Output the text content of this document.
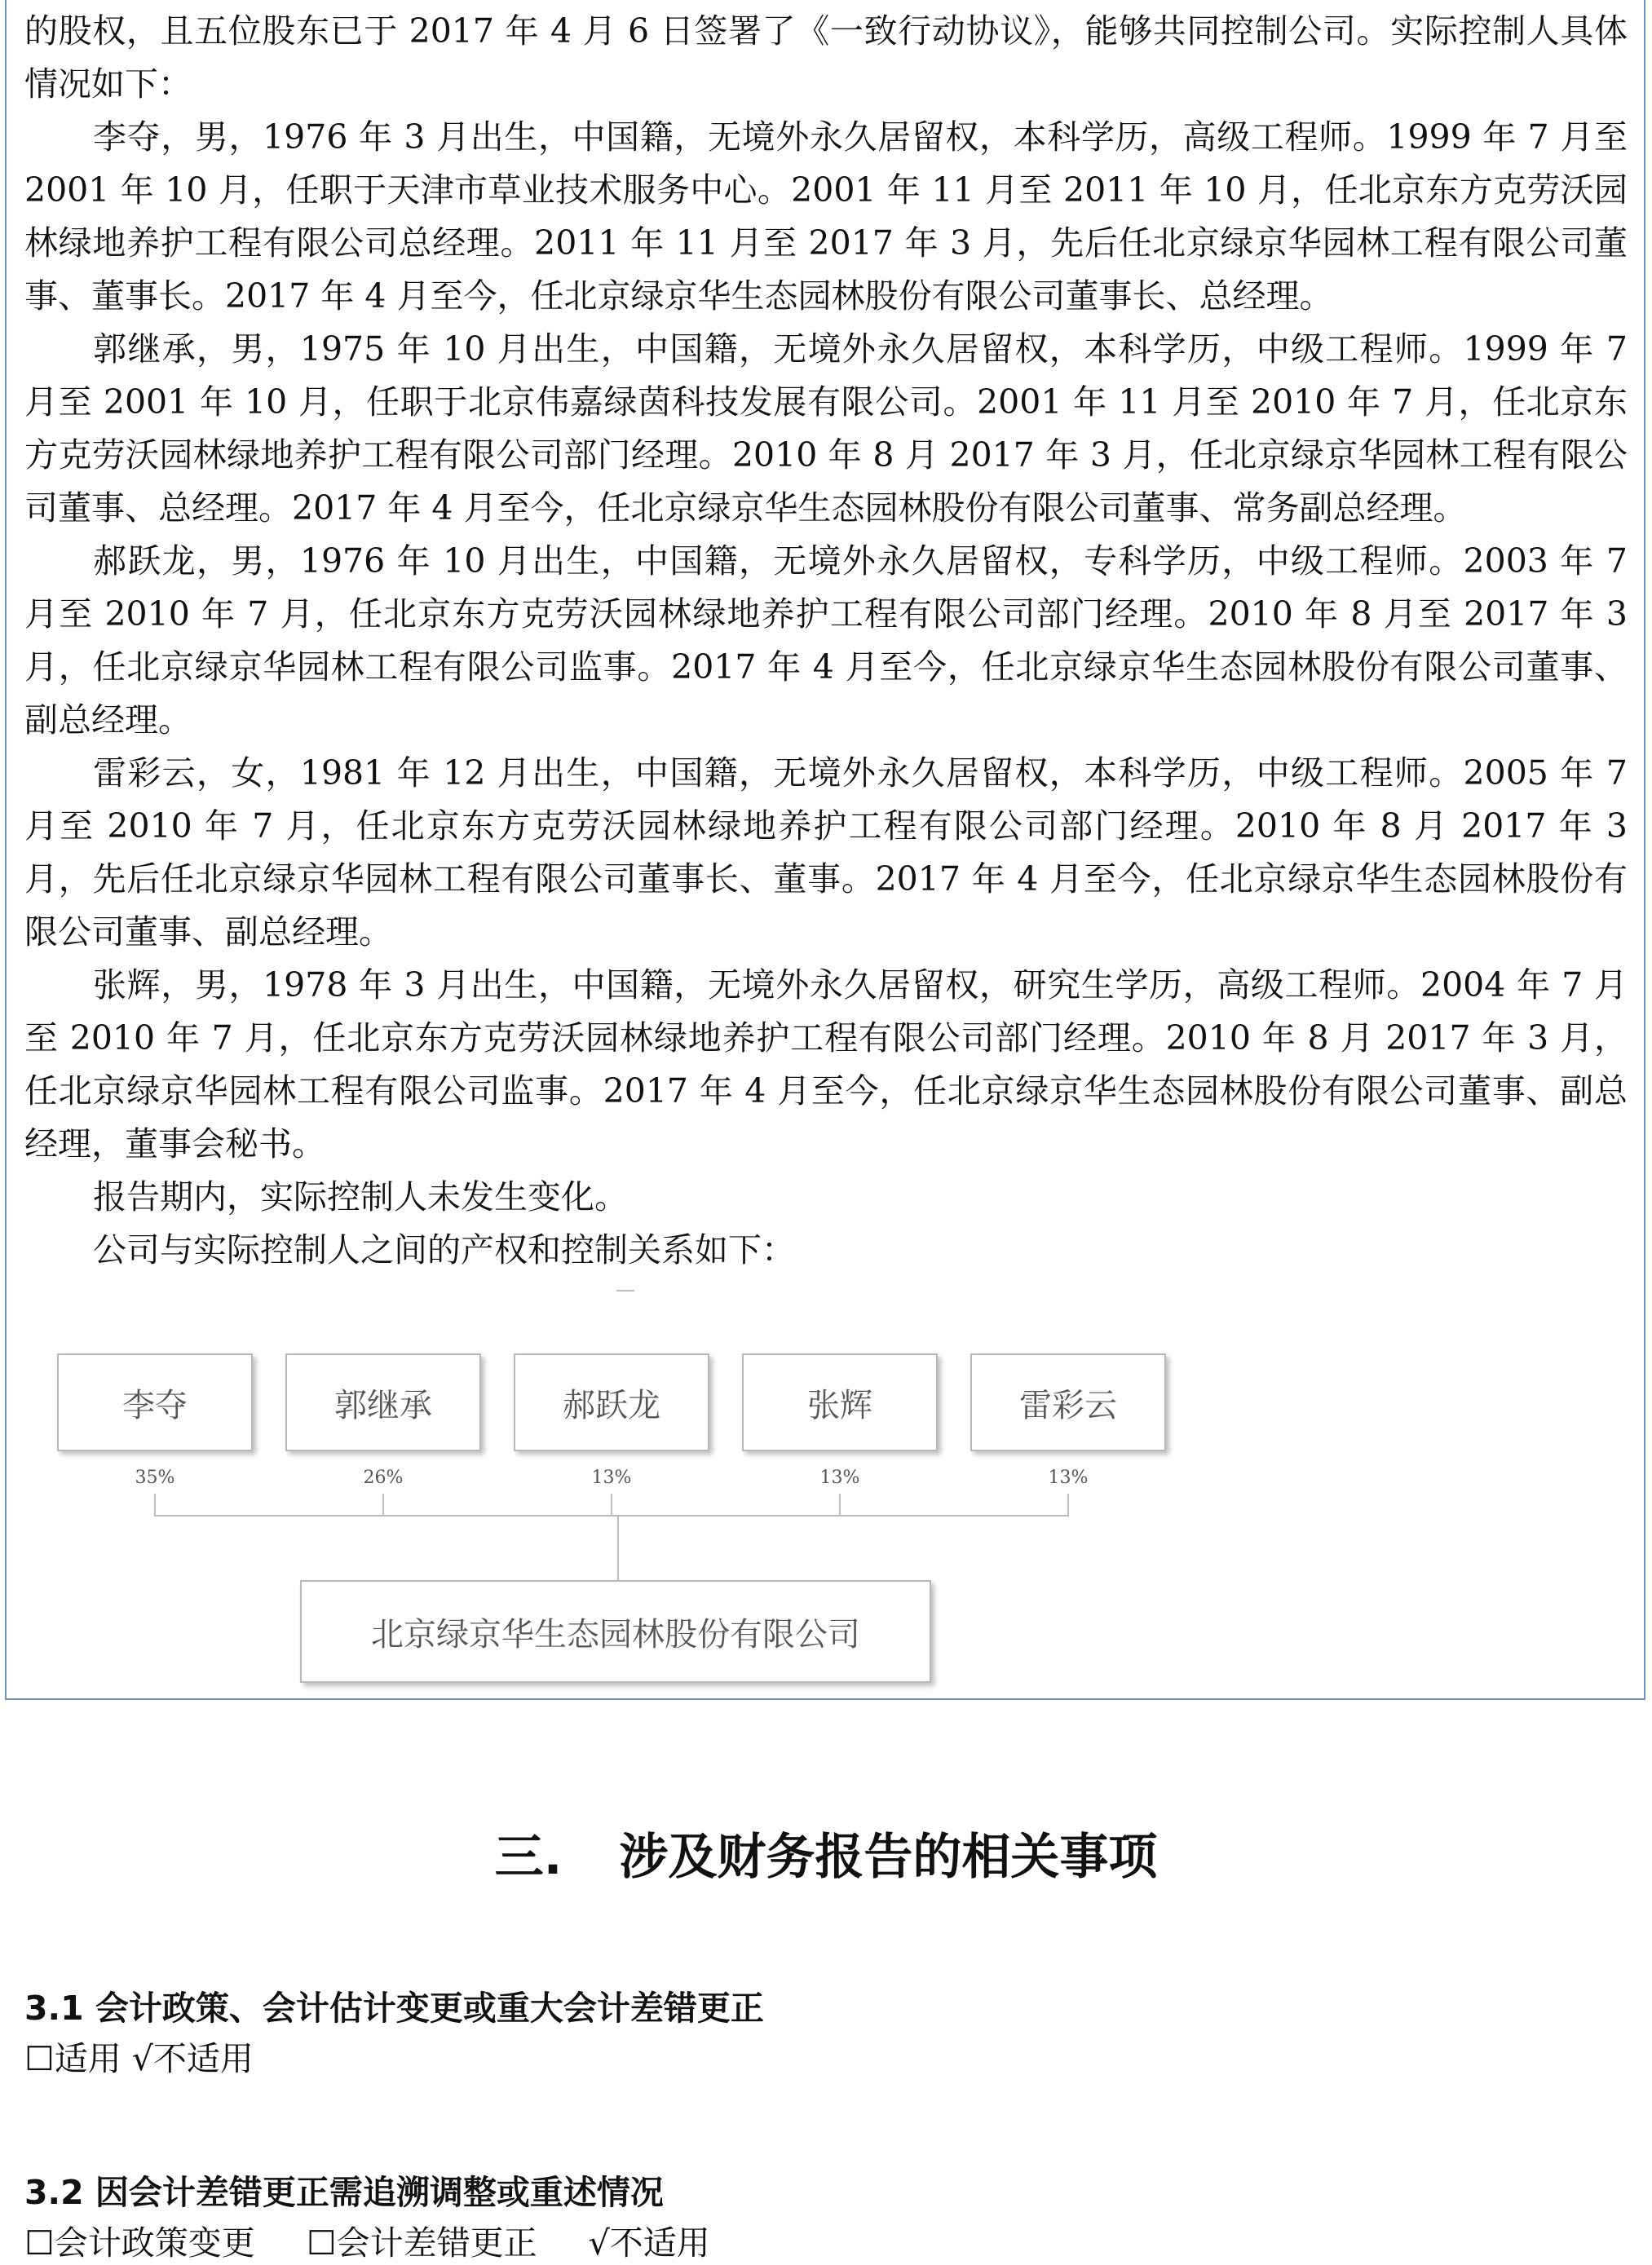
的股权，且五位股东已于 2017 年 4 月 6 日签署了《一致行动协议》，能够共同控制公司。实际控制人具体情况如下：

李夺，男，1976 年 3 月出生，中国籍，无境外永久居留权，本科学历，高级工程师。1999 年 7 月至 2001 年 10 月，任职于天津市草业技术服务中心。2001 年 11 月至 2011 年 10 月，任北京东方克劳沃园林绿地养护工程有限公司总经理。2011 年 11 月至 2017 年 3 月，先后任北京绿京华园林工程有限公司董事、董事长。2017 年 4 月至今，任北京绿京华生态园林股份有限公司董事长、总经理。

郭继承，男，1975 年 10 月出生，中国籍，无境外永久居留权，本科学历，中级工程师。1999 年 7 月至 2001 年 10 月，任职于北京伟嘉绿茵科技发展有限公司。2001 年 11 月至 2010 年 7 月，任北京东方克劳沃园林绿地养护工程有限公司部门经理。2010 年 8 月 2017 年 3 月，任北京绿京华园林工程有限公司董事、总经理。2017 年 4 月至今，任北京绿京华生态园林股份有限公司董事、常务副总经理。

郝跃龙，男，1976 年 10 月出生，中国籍，无境外永久居留权，专科学历，中级工程师。2003 年 7 月至 2010 年 7 月，任北京东方克劳沃园林绿地养护工程有限公司部门经理。2010 年 8 月至 2017 年 3 月，任北京绿京华园林工程有限公司监事。2017 年 4 月至今，任北京绿京华生态园林股份有限公司董事、副总经理。

雷彩云，女，1981 年 12 月出生，中国籍，无境外永久居留权，本科学历，中级工程师。2005 年 7 月至 2010 年 7 月，任北京东方克劳沃园林绿地养护工程有限公司部门经理。2010 年 8 月 2017 年 3 月，先后任北京绿京华园林工程有限公司董事长、董事。2017 年 4 月至今，任北京绿京华生态园林股份有限公司董事、副总经理。

张辉，男，1978 年 3 月出生，中国籍，无境外永久居留权，研究生学历，高级工程师。2004 年 7 月至 2010 年 7 月，任北京东方克劳沃园林绿地养护工程有限公司部门经理。2010 年 8 月 2017 年 3 月，任北京绿京华园林工程有限公司监事。2017 年 4 月至今，任北京绿京华生态园林股份有限公司董事、副总经理，董事会秘书。

报告期内，实际控制人未发生变化。

公司与实际控制人之间的产权和控制关系如下：

李夺	郭继承	郝跃龙	张辉	雷彩云
35%	26%	13%	13%	13%
北京绿京华生态园林股份有限公司
三. 涉及财务报告的相关事项
3.1 会计政策、会计估计变更或重大会计差错更正
☐适用 √不适用
3.2 因会计差错更正需追溯调整或重述情况
☐会计政策变更 ☐会计差错更正 √不适用
